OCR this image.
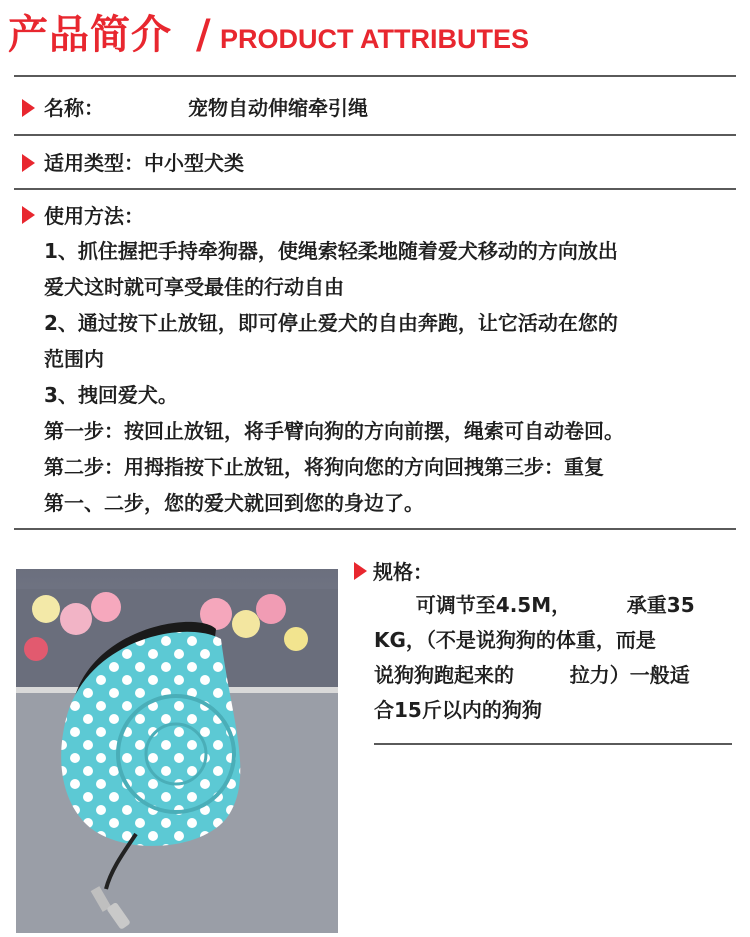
产品简介 / PRODUCT ATTRIBUTES
名称：	宠物自动伸缩牵引绳
适用类型：中小型犬类
使用方法：
1、抓住握把手持牵狗器，使绳索轻柔地随着爱犬移动的方向放出
爱犬这时就可享受最佳的行动自由
2、通过按下止放钮，即可停止爱犬的自由奔跑，让它活动在您的
范围内
3、拽回爱犬。
第一步：按回止放钮，将手臂向狗的方向前摆，绳索可自动卷回。
第二步：用拇指按下止放钮，将狗向您的方向回拽第三步：重复
第一、二步，您的爱犬就回到您的身边了。
规格：
可调节至4.5M，        承重35
KG，（不是说狗狗的体重，而是
说狗狗跑起来的        拉力）一般适
合15斤以内的狗狗
